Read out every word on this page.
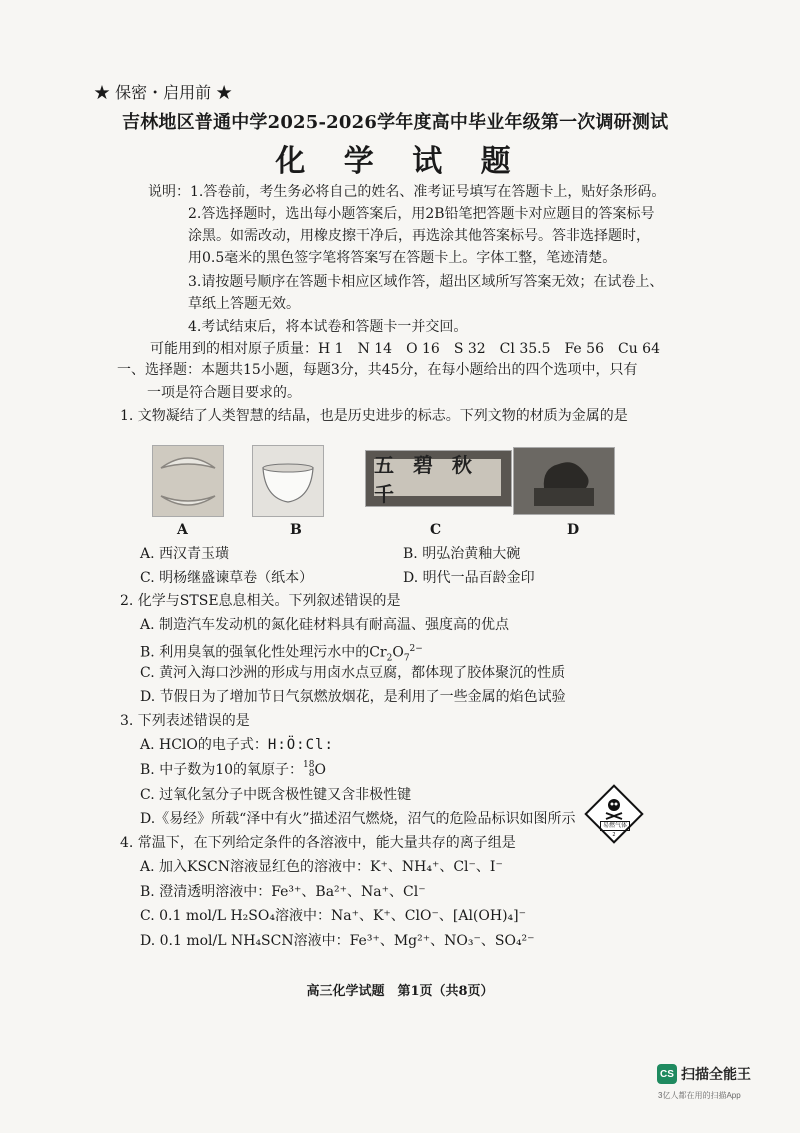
★ 保密・启用前 ★
吉林地区普通中学2025-2026学年度高中毕业年级第一次调研测试
化 学 试 题
说明：1.答卷前，考生务必将自己的姓名、准考证号填写在答题卡上，贴好条形码。
2.答选择题时，选出每小题答案后，用2B铅笔把答题卡对应题目的答案标号
涂黑。如需改动，用橡皮擦干净后，再选涂其他答案标号。答非选择题时，
用0.5毫米的黑色签字笔将答案写在答题卡上。字体工整，笔迹清楚。
3.请按题号顺序在答题卡相应区域作答，超出区域所写答案无效；在试卷上、
草纸上答题无效。
4.考试结束后，将本试卷和答题卡一并交回。
可能用到的相对原子质量：H 1　N 14　O 16　S 32　Cl 35.5　Fe 56　Cu 64
一、选择题：本题共15小题，每题3分，共45分，在每小题给出的四个选项中，只有
一项是符合题目要求的。
1. 文物凝结了人类智慧的结晶，也是历史进步的标志。下列文物的材质为金属的是
五 碧 秋 千
A	B	C	D
A. 西汉青玉璜	B. 明弘治黄釉大碗
C. 明杨继盛谏草卷（纸本）	D. 明代一品百龄金印
2. 化学与STSE息息相关。下列叙述错误的是
A. 制造汽车发动机的氮化硅材料具有耐高温、强度高的优点
B. 利用臭氧的强氧化性处理污水中的$Cr_2O_7^{2-}$
C. 黄河入海口沙洲的形成与用卤水点豆腐，都体现了胶体聚沉的性质
D. 节假日为了增加节日气氛燃放烟花，是利用了一些金属的焰色试验
3. 下列表述错误的是
A. HClO的电子式：H:Ö:Cl:
B. 中子数为10的氧原子： 18
8 O
C. 过氧化氢分子中既含极性键又含非极性键
D.《易经》所载“泽中有火”描述沼气燃烧，沼气的危险品标识如图所示	易燃气体
2
4. 常温下，在下列给定条件的各溶液中，能大量共存的离子组是
A. 加入KSCN溶液显红色的溶液中：K⁺、NH₄⁺、Cl⁻、I⁻
B. 澄清透明溶液中：Fe³⁺、Ba²⁺、Na⁺、Cl⁻
C. 0.1 mol/L H₂SO₄溶液中：Na⁺、K⁺、ClO⁻、[Al(OH)₄]⁻
D. 0.1 mol/L NH₄SCN溶液中：Fe³⁺、Mg²⁺、NO₃⁻、SO₄²⁻
高三化学试题　第1页（共8页）
CS 扫描全能王
3亿人都在用的扫描App
